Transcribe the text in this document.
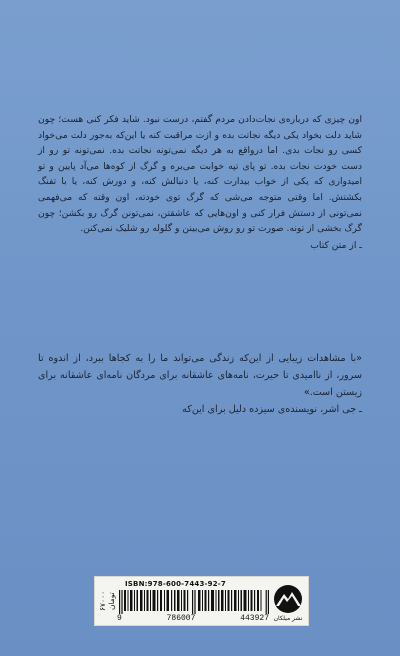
اون چیزی که درباره‌ی نجات‌دادن مردم گفتم، درست نبود. شاید فکر کنی هست؛ چون شاید دلت بخواد یکی دیگه نجاتت بده و ازت مراقبت کنه یا این‌که به‌جور دلت می‌خواد کسی رو نجات بدی. اما درواقع به هر دیگه نمی‌تونه نجاتت بده. نمی‌تونه تو رو از دست خودت نجات بده. تو پای تپه خوابت می‌بره و گرگ از کوه‌ها می‌آد پایین و تو امیدواری که یکی از خواب بیدارت کنه، یا دنبالش کنه، و دورش کنه، یا با تفنگ بکشتش. اما وقتی متوجه می‌شی که گرگ توی خودته، اون وقته که می‌فهمی نمی‌تونی از دستش فرار کنی و اون‌هایی که عاشقتن، نمی‌تونن گرگ رو بکشن؛ چون گرگ بخشی از تونه. صورت تو رو روش می‌بینن و گلوله رو شلیک نمی‌کنن.
ـ از متن کتاب
«با مشاهدات زیبایی از این‌که زندگی می‌تواند ما را به کجاها ببرد، از اندوه تا سرور، از ناامیدی تا حیرت، نامه‌های عاشقانه برای مردگان نامه‌ای عاشقانه برای زیستن است.»
ـ جی اشر، نویسنده‌ی سیزده دلیل برای این‌که
۶۷۰۰۰ تومان
ISBN:978-600-7443-92-7
9	786007	443927 نشر میلکان
